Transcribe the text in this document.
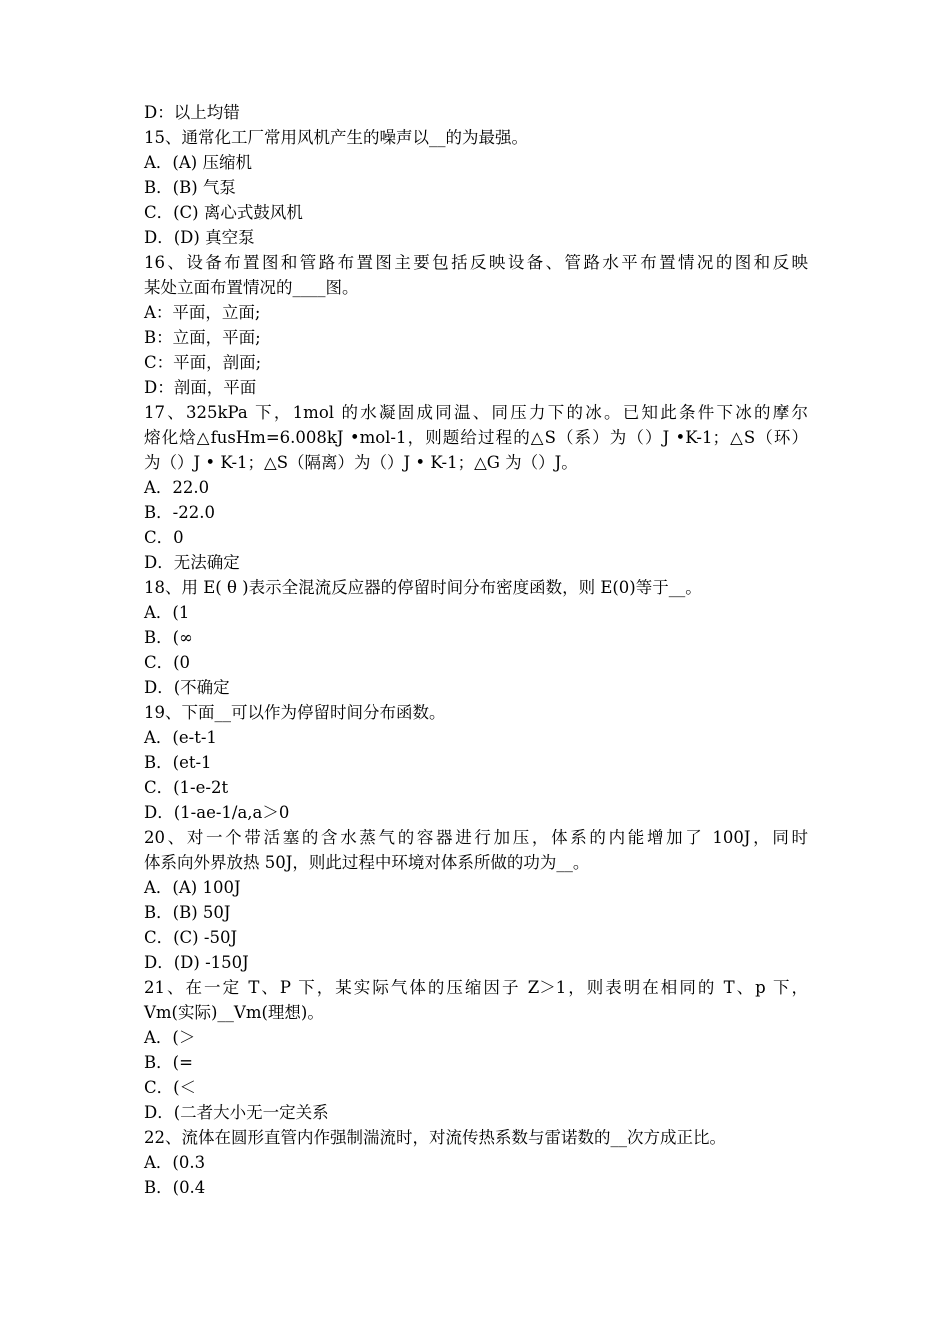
D：以上均错
15、通常化工厂常用风机产生的噪声以__的为最强。
A．(A) 压缩机
B．(B) 气泵
C．(C) 离心式鼓风机
D．(D) 真空泵
16、设备布置图和管路布置图主要包括反映设备、管路水平布置情况的图和反映
某处立面布置情况的____图。
A：平面，立面;
B：立面，平面;
C：平面，剖面;
D：剖面，平面
17、325kPa 下，1mol 的水凝固成同温、同压力下的冰。已知此条件下冰的摩尔
熔化焓△fusHm=6.008kJ •mol-1，则题给过程的△S（系）为（）J •K-1；△S（环）
为（）J • K-1；△S（隔离）为（）J • K-1；△G 为（）J。
A．22.0
B．-22.0
C．0
D．无法确定
18、用 E( θ )表示全混流反应器的停留时间分布密度函数，则 E(0)等于__。
A．(1
B．(∞
C．(0
D．(不确定
19、下面__可以作为停留时间分布函数。
A．(e-t-1
B．(et-1
C．(1-e-2t
D．(1-ae-1/a,a＞0
20、对一个带活塞的含水蒸气的容器进行加压，体系的内能增加了 100J，同时
体系向外界放热 50J，则此过程中环境对体系所做的功为__。
A．(A) 100J
B．(B) 50J
C．(C) -50J
D．(D) -150J
21、在一定 T、P 下，某实际气体的压缩因子 Z＞1，则表明在相同的 T、p 下，
Vm(实际)__Vm(理想)。
A．(＞
B．(=
C．(＜
D．(二者大小无一定关系
22、流体在圆形直管内作强制湍流时，对流传热系数与雷诺数的__次方成正比。
A．(0.3
B．(0.4
